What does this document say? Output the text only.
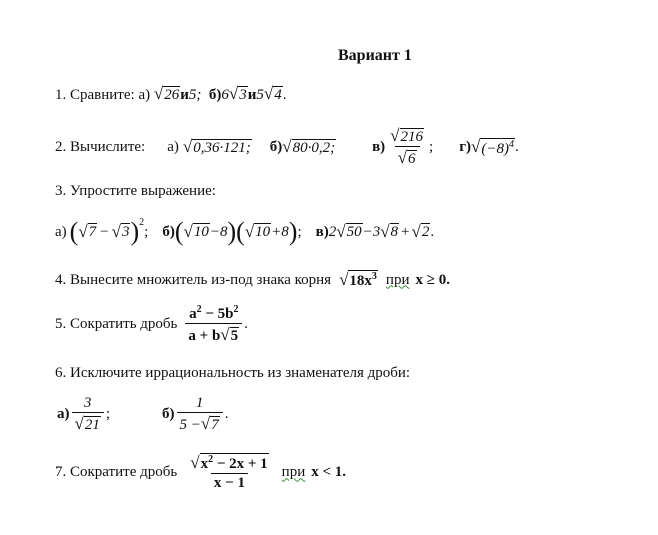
Вариант 1
1. Сравните: а) √26и5; б)6√3и5√4.
2. Вычислите: а) √ 0,36·121; б) √ 80·0,2; $в) \frac{√216}{√6}$ ; г) √ $(-8)^4$ .
3. Упростите выражение:
а) ( √ 7 − √ 3 )$^2$
; б) ( √ 10 −8 ) ( √ 10 +8 ) ; в) 2 √ 50 −3 √ 8 + √ 2 .
4. Вынесите множитель из-под знака корня √ $18x^3$ при x ≥ 0.
5. Сократить дробь $\frac{a^2 - 5b^2}{a + b√5}$ .
6. Исключите иррациональность из знаменателя дроби:
$а) \frac{3}{√21}$ ;	$б) \frac{1}{5 -√7}$ .
7. Сократите дробь $\frac{√x^2 - 2x + 1}{x - 1}$ при x < 1.
